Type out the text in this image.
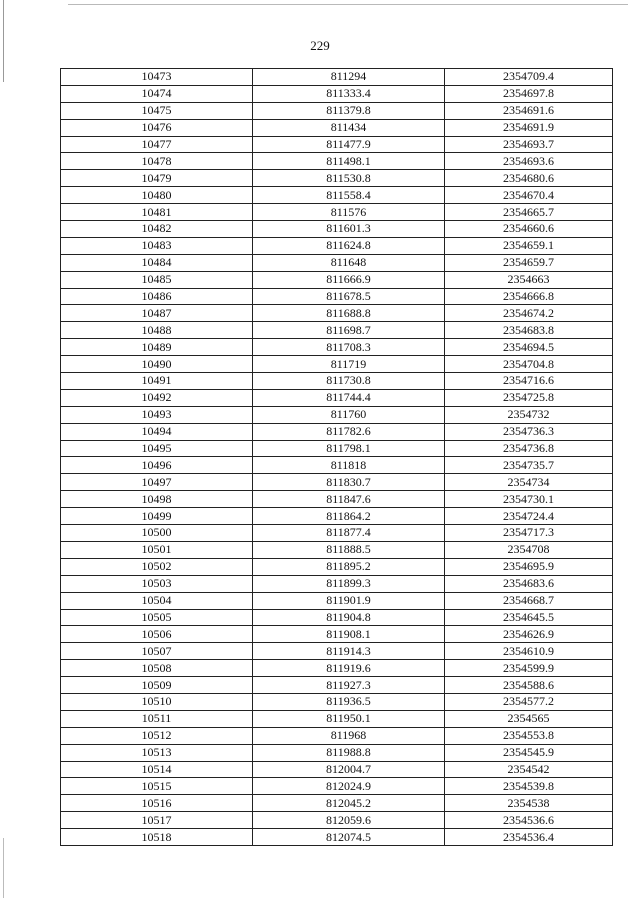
229
10473	811294	2354709.4
10474	811333.4	2354697.8
10475	811379.8	2354691.6
10476	811434	2354691.9
10477	811477.9	2354693.7
10478	811498.1	2354693.6
10479	811530.8	2354680.6
10480	811558.4	2354670.4
10481	811576	2354665.7
10482	811601.3	2354660.6
10483	811624.8	2354659.1
10484	811648	2354659.7
10485	811666.9	2354663
10486	811678.5	2354666.8
10487	811688.8	2354674.2
10488	811698.7	2354683.8
10489	811708.3	2354694.5
10490	811719	2354704.8
10491	811730.8	2354716.6
10492	811744.4	2354725.8
10493	811760	2354732
10494	811782.6	2354736.3
10495	811798.1	2354736.8
10496	811818	2354735.7
10497	811830.7	2354734
10498	811847.6	2354730.1
10499	811864.2	2354724.4
10500	811877.4	2354717.3
10501	811888.5	2354708
10502	811895.2	2354695.9
10503	811899.3	2354683.6
10504	811901.9	2354668.7
10505	811904.8	2354645.5
10506	811908.1	2354626.9
10507	811914.3	2354610.9
10508	811919.6	2354599.9
10509	811927.3	2354588.6
10510	811936.5	2354577.2
10511	811950.1	2354565
10512	811968	2354553.8
10513	811988.8	2354545.9
10514	812004.7	2354542
10515	812024.9	2354539.8
10516	812045.2	2354538
10517	812059.6	2354536.6
10518	812074.5	2354536.4
